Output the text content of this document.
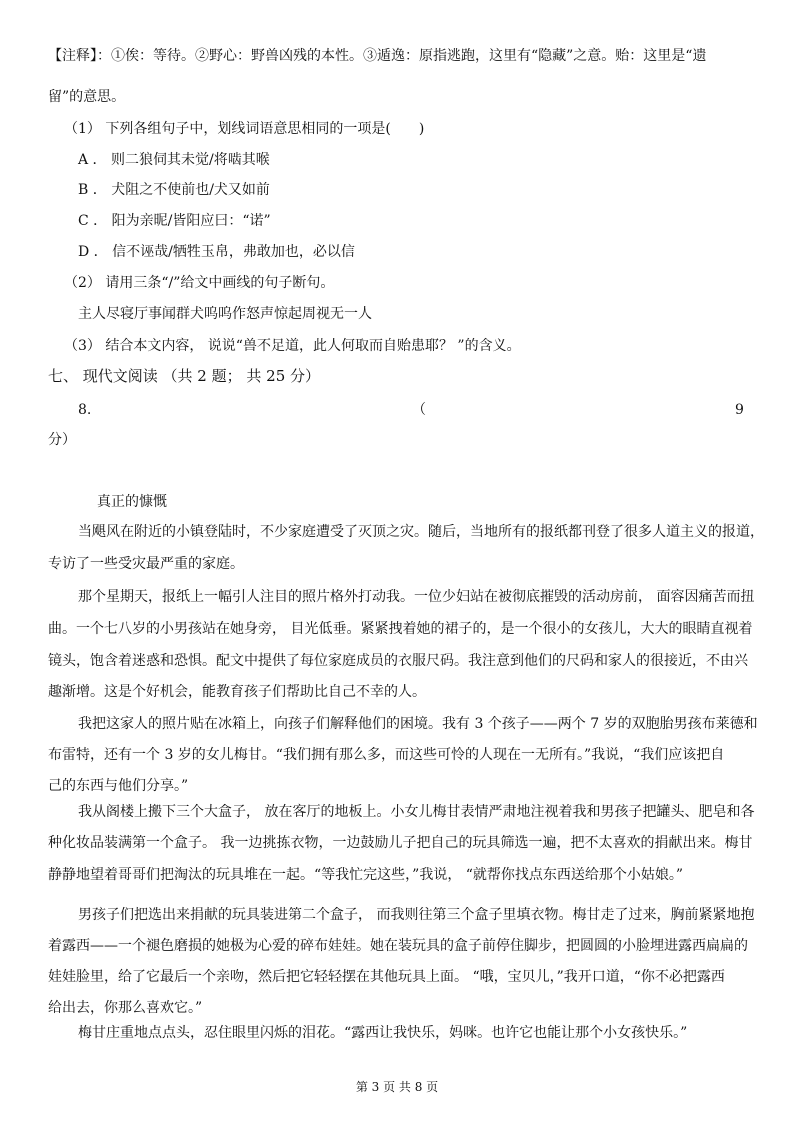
【注释】：①俟：等待。②野心：野兽凶残的本性。③遁逸：原指逃跑，这里有“隐藏”之意。贻：这里是“遗
留”的意思。
（1） 下列各组句子中，划线词语意思相同的一项是(　　)
A ． 则二狼伺其未觉/将啮其喉
B ． 犬阻之不使前也/犬又如前
C ． 阳为亲昵/皆阳应曰：“诺”
D ． 信不诬哉/牺牲玉帛，弗敢加也，必以信
（2） 请用三条“/”给文中画线的句子断句。
主人尽寝厅事闻群犬呜呜作怒声惊起周视无一人
（3） 结合本文内容， 说说“兽不足道，此人何取而自贻患耶？ ”的含义。
七、 现代文阅读 （共 2 题； 共 25 分）
8.	（	9
分）
真正的慷慨
当飓风在附近的小镇登陆时，不少家庭遭受了灭顶之灾。随后，当地所有的报纸都刊登了很多人道主义的报道，
专访了一些受灾最严重的家庭。
那个星期天，报纸上一幅引人注目的照片格外打动我。一位少妇站在被彻底摧毁的活动房前， 面容因痛苦而扭
曲。一个七八岁的小男孩站在她身旁， 目光低垂。紧紧拽着她的裙子的，是一个很小的女孩儿，大大的眼睛直视着
镜头，饱含着迷惑和恐惧。配文中提供了每位家庭成员的衣服尺码。我注意到他们的尺码和家人的很接近，不由兴
趣渐增。这是个好机会，能教育孩子们帮助比自己不幸的人。
我把这家人的照片贴在冰箱上，向孩子们解释他们的困境。我有 3 个孩子——两个 7 岁的双胞胎男孩布莱德和
布雷特，还有一个 3 岁的女儿梅甘。“我们拥有那么多，而这些可怜的人现在一无所有。”我说，“我们应该把自
己的东西与他们分享。”
我从阁楼上搬下三个大盒子， 放在客厅的地板上。小女儿梅甘表情严肃地注视着我和男孩子把罐头、肥皂和各
种化妆品装满第一个盒子。 我一边挑拣衣物，一边鼓励儿子把自己的玩具筛选一遍，把不太喜欢的捐献出来。梅甘
静静地望着哥哥们把淘汰的玩具堆在一起。“等我忙完这些，”我说， “就帮你找点东西送给那个小姑娘。”
男孩子们把选出来捐献的玩具装进第二个盒子， 而我则往第三个盒子里填衣物。梅甘走了过来，胸前紧紧地抱
着露西——一个褪色磨损的她极为心爱的碎布娃娃。她在装玩具的盒子前停住脚步，把圆圆的小脸埋进露西扁扁的
娃娃脸里，给了它最后一个亲吻，然后把它轻轻摆在其他玩具上面。 “哦，宝贝儿，”我开口道，“你不必把露西
给出去，你那么喜欢它。”
梅甘庄重地点点头，忍住眼里闪烁的泪花。“露西让我快乐，妈咪。也许它也能让那个小女孩快乐。”
第 3 页 共 8 页
